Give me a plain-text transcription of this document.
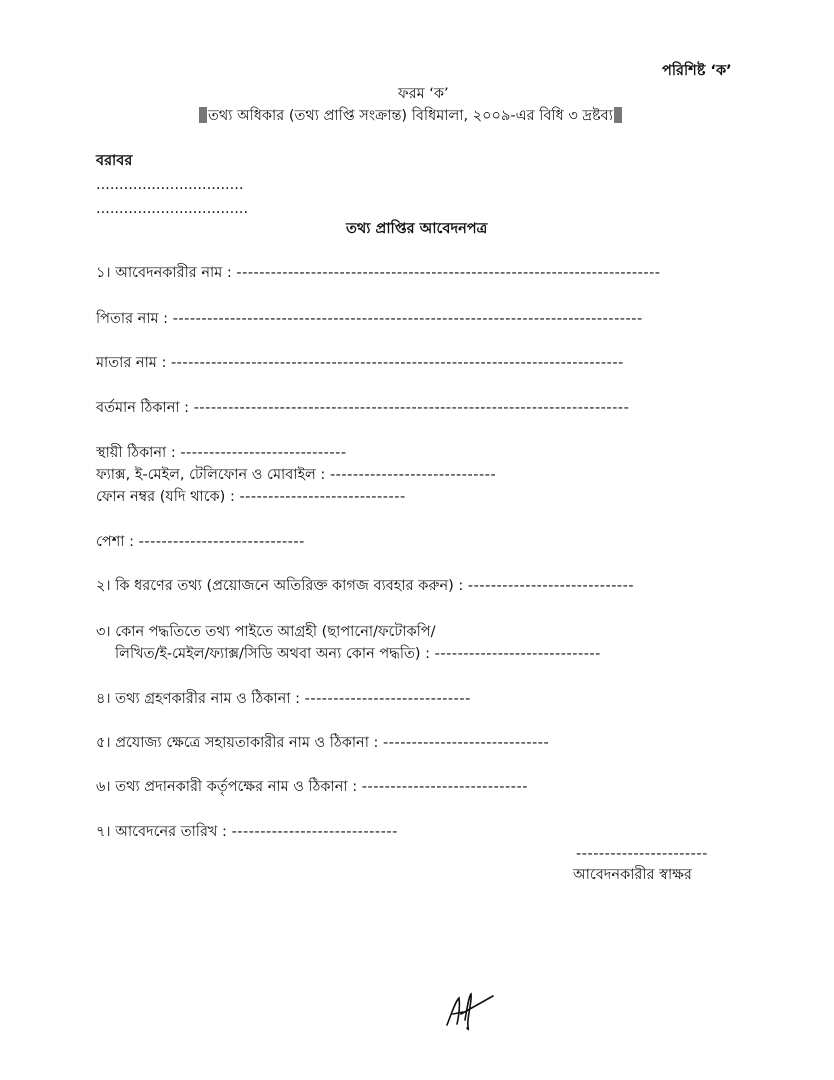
পরিশিষ্ট ‘ক’
ফরম ‘ক’
তথ্য অধিকার (তথ্য প্রাপ্তি সংক্রান্ত) বিধিমালা, ২০০৯-এর বিধি ৩ দ্রষ্টব্য
বরাবর
................................
.................................
তথ্য প্রাপ্তির আবেদনপত্র
১। আবেদনকারীর নাম : --------------------------------------------------------------------------
পিতার নাম : ----------------------------------------------------------------------------------
মাতার নাম : -------------------------------------------------------------------------------
বর্তমান ঠিকানা : ----------------------------------------------------------------------------
স্থায়ী ঠিকানা : -----------------------------
ফ্যাক্স, ই-মেইল, টেলিফোন ও মোবাইল : -----------------------------
ফোন নম্বর (যদি থাকে) : -----------------------------
পেশা : -----------------------------
২। কি ধরণের তথ্য (প্রয়োজনে অতিরিক্ত কাগজ ব্যবহার করুন) : -----------------------------
৩। কোন পদ্ধতিতে তথ্য পাইতে আগ্রহী (ছাপানো/ফটোকপি/
লিখিত/ই-মেইল/ফ্যাক্স/সিডি অথবা অন্য কোন পদ্ধতি) : -----------------------------
৪। তথ্য গ্রহণকারীর নাম ও ঠিকানা : -----------------------------
৫। প্রযোজ্য ক্ষেত্রে সহায়তাকারীর নাম ও ঠিকানা : -----------------------------
৬। তথ্য প্রদানকারী কর্তৃপক্ষের নাম ও ঠিকানা : -----------------------------
৭। আবেদনের তারিখ : -----------------------------
-----------------------
আবেদনকারীর স্বাক্ষর
